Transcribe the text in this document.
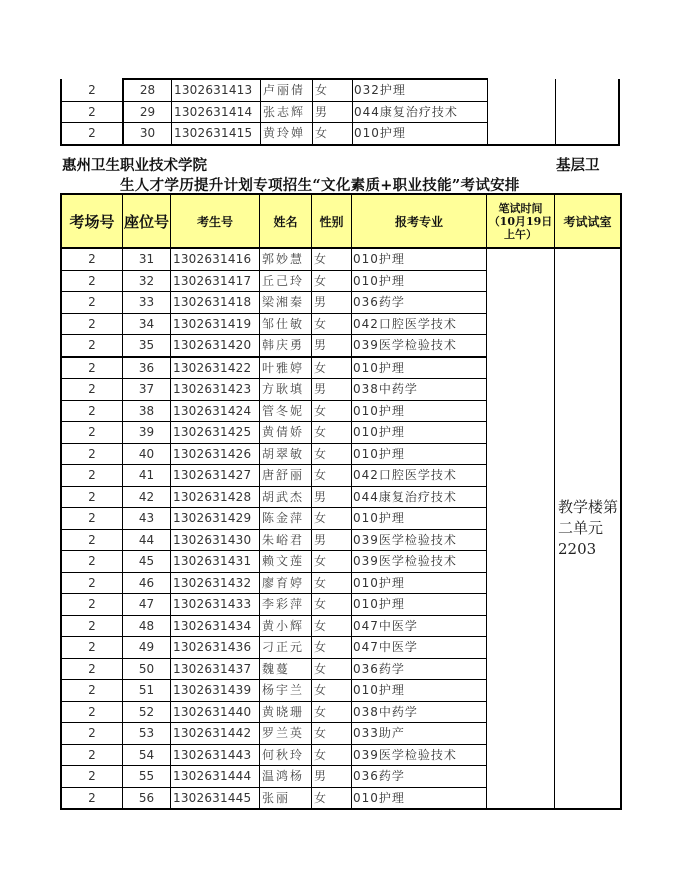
2	28	1302631413	卢丽倩	女	032护理		
2	29	1302631414	张志辉	男	044康复治疗技术		
2	30	1302631415	黄玲婵	女	010护理		
惠州卫生职业技术学院	基层卫
生人才学历提升计划专项招生“文化素质+职业技能”考试安排
考场号	座位号	考生号	姓名	性别	报考专业	笔试时间（10月19日上午）	考试试室
2	31	1302631416	郭妙慧	女	010护理		教学楼第二单元2203
2	32	1302631417	丘己玲	女	010护理		
2	33	1302631418	梁湘秦	男	036药学		
2	34	1302631419	邹仕敏	女	042口腔医学技术		
2	35	1302631420	韩庆勇	男	039医学检验技术		
2	36	1302631422	叶雅婷	女	010护理		
2	37	1302631423	方耿填	男	038中药学		
2	38	1302631424	管冬妮	女	010护理		
2	39	1302631425	黄倩娇	女	010护理		
2	40	1302631426	胡翠敏	女	010护理		
2	41	1302631427	唐舒丽	女	042口腔医学技术		
2	42	1302631428	胡武杰	男	044康复治疗技术		
2	43	1302631429	陈金萍	女	010护理		
2	44	1302631430	朱峪君	男	039医学检验技术		
2	45	1302631431	赖文莲	女	039医学检验技术		
2	46	1302631432	廖育婷	女	010护理		
2	47	1302631433	李彩萍	女	010护理		
2	48	1302631434	黄小辉	女	047中医学		
2	49	1302631436	刁正元	女	047中医学		
2	50	1302631437	魏蔓	女	036药学		
2	51	1302631439	杨宇兰	女	010护理		
2	52	1302631440	黄晓珊	女	038中药学		
2	53	1302631442	罗兰英	女	033助产		
2	54	1302631443	何秋玲	女	039医学检验技术		
2	55	1302631444	温鸿杨	男	036药学		
2	56	1302631445	张丽	女	010护理		
